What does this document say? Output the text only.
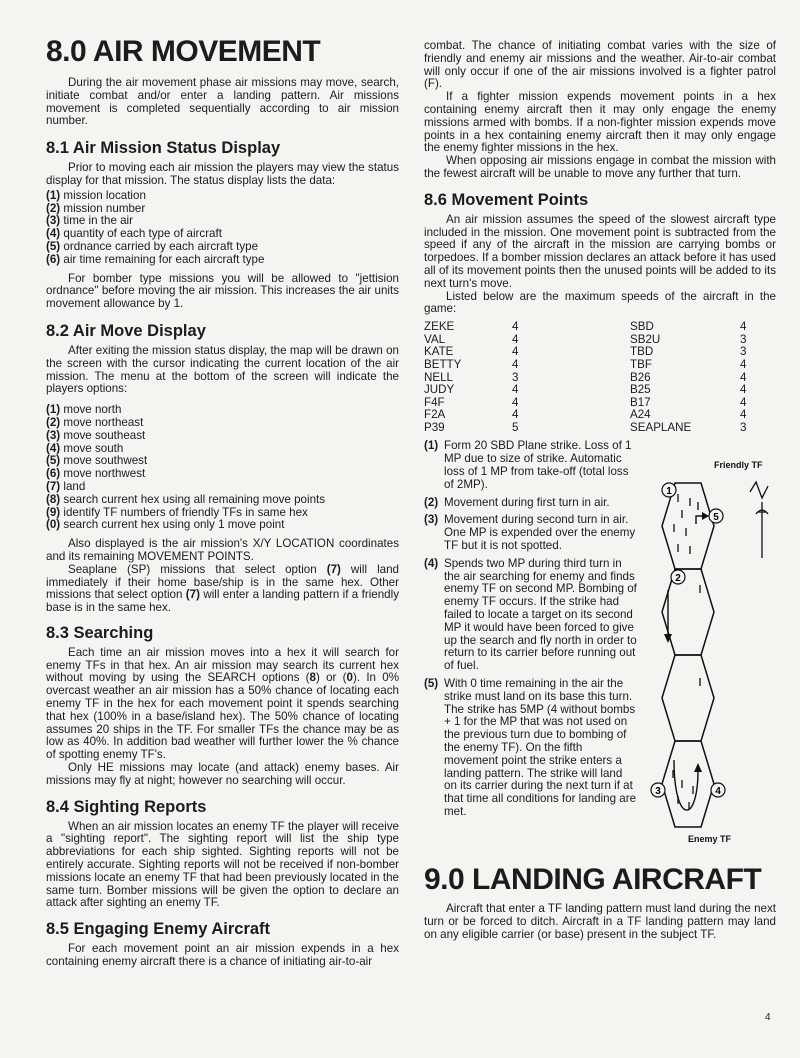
8.0 AIR MOVEMENT

During the air movement phase air missions may move, search, initiate combat and/or enter a landing pattern. Air missions movement is completed sequentially according to air mission number.

8.1 Air Mission Status Display

Prior to moving each air mission the players may view the status display for that mission. The status display lists the data:

(1) mission location
(2) mission number
(3) time in the air
(4) quantity of each type of aircraft
(5) ordnance carried by each aircraft type
(6) air time remaining for each aircraft type

For bomber type missions you will be allowed to "jettision ordnance" before moving the air mission. This increases the air units movement allowance by 1.

8.2 Air Move Display

After exiting the mission status display, the map will be drawn on the screen with the cursor indicating the current location of the air mission. The menu at the bottom of the screen will indicate the players options:

(1) move north
(2) move northeast
(3) move southeast
(4) move south
(5) move southwest
(6) move northwest
(7) land
(8) search current hex using all remaining move points
(9) identify TF numbers of friendly TFs in same hex
(0) search current hex using only 1 move point

Also displayed is the air mission's X/Y LOCATION coordinates and its remaining MOVEMENT POINTS.

Seaplane (SP) missions that select option (7) will land immediately if their home base/ship is in the same hex. Other missions that select option (7) will enter a landing pattern if a friendly base is in the same hex.

8.3 Searching

Each time an air mission moves into a hex it will search for enemy TFs in that hex. An air mission may search its current hex without moving by using the SEARCH options (8) or (0). In 0% overcast weather an air mission has a 50% chance of locating each enemy TF in the hex for each movement point it spends searching that hex (100% in a base/island hex). The 50% chance of locating assumes 20 ships in the TF. For smaller TFs the chance may be as low as 40%. In addition bad weather will further lower the % chance of spotting enemy TF's.

Only HE missions may locate (and attack) enemy bases. Air missions may fly at night; however no searching will occur.

8.4 Sighting Reports

When an air mission locates an enemy TF the player will receive a "sighting report". The sighting report will list the ship type abbreviations for each ship sighted. Sighting reports will not be entirely accurate. Sighting reports will not be received if non-bomber missions locate an enemy TF that had been previously located in the same turn. Bomber missions will be given the option to declare an attack after sighting an enemy TF.

8.5 Engaging Enemy Aircraft

For each movement point an air mission expends in a hex containing enemy aircraft there is a chance of initiating air-to-air

combat. The chance of initiating combat varies with the size of friendly and enemy air missions and the weather. Air-to-air combat will only occur if one of the air missions involved is a fighter patrol (F).

If a fighter mission expends movement points in a hex containing enemy aircraft then it may only engage the enemy missions armed with bombs. If a non-fighter mission expends move points in a hex containing enemy aircraft then it may only engage the enemy fighter missions in the hex.

When opposing air missions engage in combat the mission with the fewest aircraft will be unable to move any further that turn.

8.6 Movement Points

An air mission assumes the speed of the slowest aircraft type included in the mission. One movement point is subtracted from the speed if any of the aircraft in the mission are carrying bombs or torpedoes. If a bomber mission declares an attack before it has used all of its movement points then the unused points will be added to its next turn's move.

Listed below are the maximum speeds of the aircraft in the game:

ZEKE	4	SBD	4
VAL	4	SB2U	3
KATE	4	TBD	3
BETTY	4	TBF	4
NELL	3	B26	4
JUDY	4	B25	4
F4F	4	B17	4
F2A	4	A24	4
P39	5	SEAPLANE	3
(1) Form 20 SBD Plane strike. Loss of 1 MP due to size of strike. Automatic loss of 1 MP from take-off (total loss of 2MP).
(2) Movement during first turn in air.
(3) Movement during second turn in air. One MP is expended over the enemy TF but it is not spotted.
(4) Spends two MP during third turn in the air searching for enemy and finds enemy TF on second MP. Bombing of enemy TF occurs. If the strike had failed to locate a target on its second MP it would have been forced to give up the search and fly north in order to return to its carrier before running out of fuel.
(5) With 0 time remaining in the air the strike must land on its base this turn. The strike has 5MP (4 without bombs + 1 for the MP that was not used on the previous turn due to bombing of the enemy TF). On the fifth movement point the strike enters a landing pattern. The strike will land on its carrier during the next turn if at that time all conditions for landing are met.
Friendly TF
1
5
2
3	4
Enemy TF
9.0 LANDING AIRCRAFT

Aircraft that enter a TF landing pattern must land during the next turn or be forced to ditch. Aircraft in a TF landing pattern may land on any eligible carrier (or base) present in the subject TF.

4
